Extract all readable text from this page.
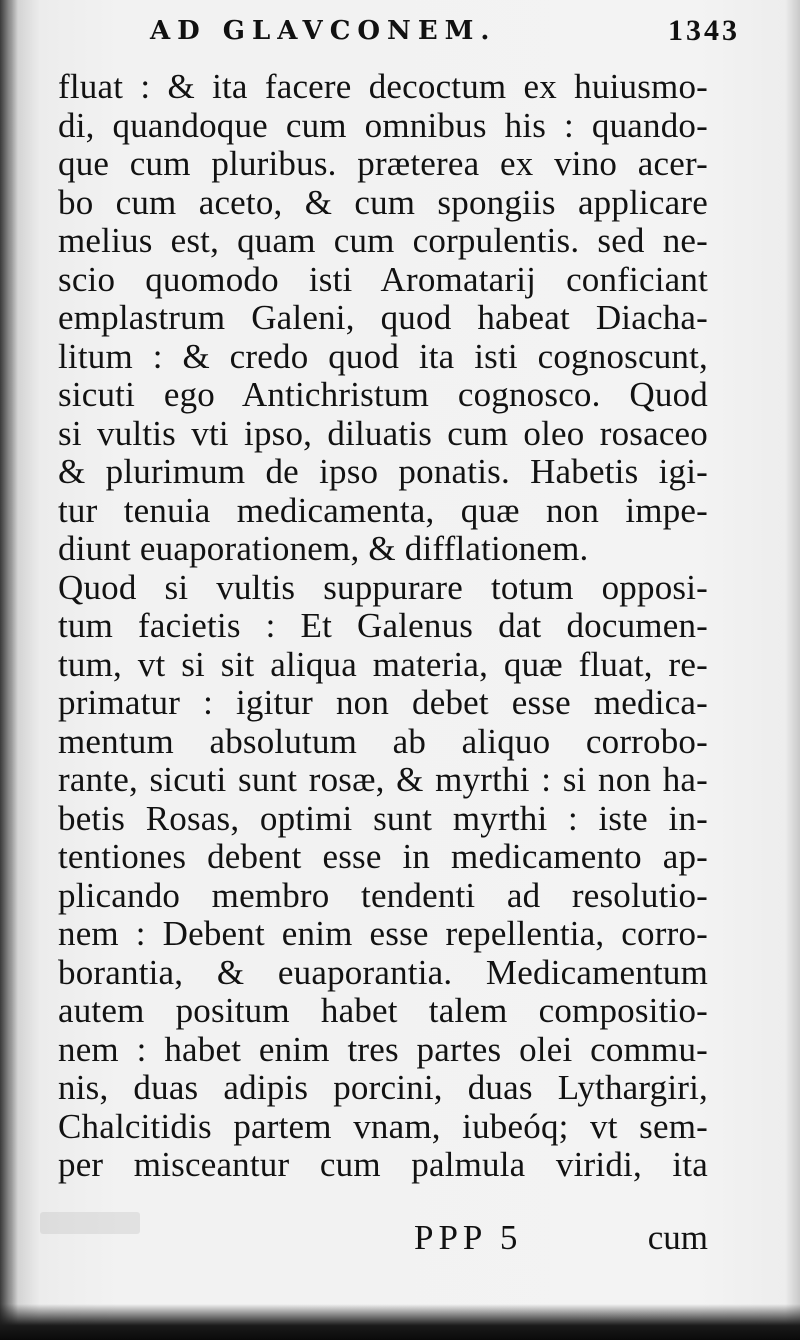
AD GLAVCONEM.	1343
fluat : & ita facere decoctum ex huiusmo-
di, quandoque cum omnibus his : quando-
que cum pluribus. præterea ex vino acer-
bo cum aceto, & cum spongiis applicare
melius est, quam cum corpulentis. sed ne-
scio quomodo isti Aromatarij conficiant
emplastrum Galeni, quod habeat Diacha-
litum : & credo quod ita isti cognoscunt,
sicuti ego Antichristum cognosco. Quod
si vultis vti ipso, diluatis cum oleo rosaceo
& plurimum de ipso ponatis. Habetis igi-
tur tenuia medicamenta, quæ non impe-
diunt euaporationem, & difflationem.
Quod si vultis suppurare totum opposi-
tum facietis : Et Galenus dat documen-
tum, vt si sit aliqua materia, quæ fluat, re-
primatur : igitur non debet esse medica-
mentum absolutum ab aliquo corrobo-
rante, sicuti sunt rosæ, & myrthi : si non ha-
betis Rosas, optimi sunt myrthi : iste in-
tentiones debent esse in medicamento ap-
plicando membro tendenti ad resolutio-
nem : Debent enim esse repellentia, corro-
borantia, & euaporantia. Medicamentum
autem positum habet talem compositio-
nem : habet enim tres partes olei commu-
nis, duas adipis porcini, duas Lythargiri,
Chalcitidis partem vnam, iubeóq; vt sem-
per misceantur cum palmula viridi, ita
PPP 5	cum
